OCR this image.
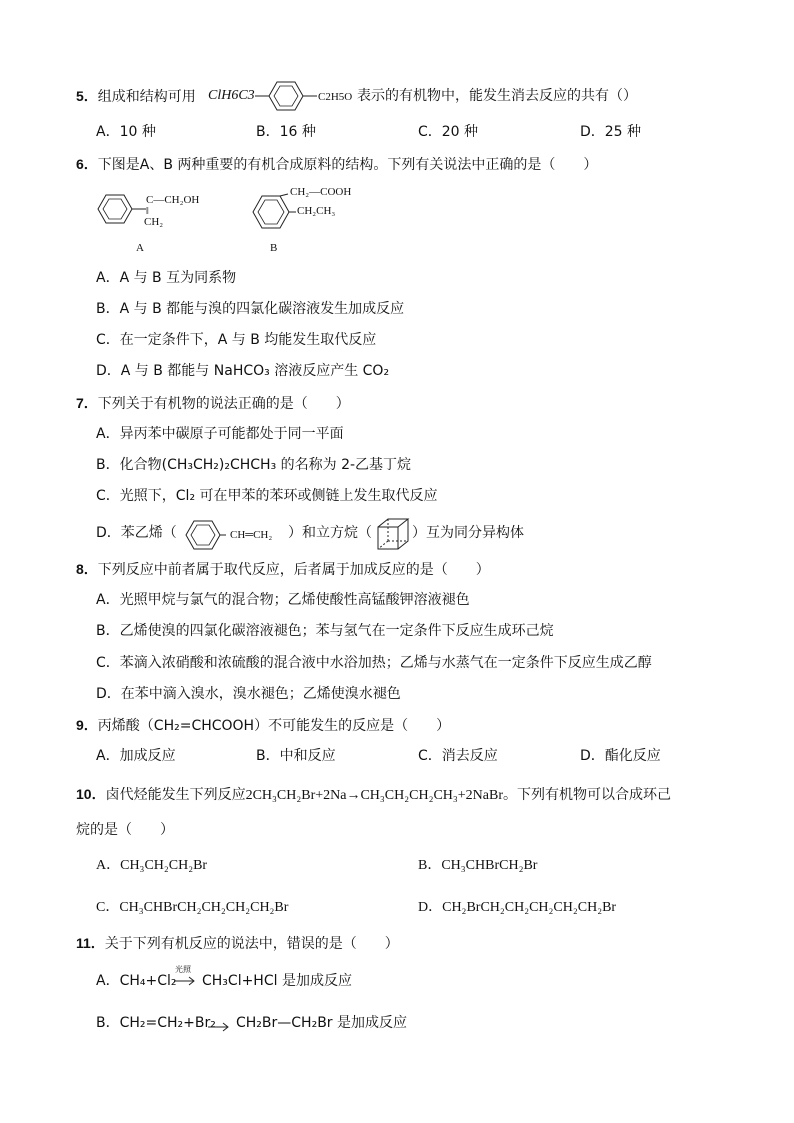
5．组成和结构可用 ClH6C3	C2H5O 表示的有机物中，能发生消去反应的共有（）
A．10 种	B．16 种	C．20 种	D．25 种
6．下图是A、B 两种重要的有机合成原料的结构。下列有关说法中正确的是（　　）
C—CH₂OH
‖
CH₂
A
CH₂—COOH
CH₂CH₃
B
A．A 与 B 互为同系物
B．A 与 B 都能与溴的四氯化碳溶液发生加成反应
C．在一定条件下，A 与 B 均能发生取代反应
D．A 与 B 都能与 NaHCO₃ 溶液反应产生 CO₂
7．下列关于有机物的说法正确的是（　　）
A．异丙苯中碳原子可能都处于同一平面
B．化合物(CH₃CH₂)₂CHCH₃ 的名称为 2-乙基丁烷
C．光照下，Cl₂ 可在甲苯的苯环或侧链上发生取代反应
D．苯乙烯（	CH═CH₂ ）和立方烷（	）互为同分异构体
8．下列反应中前者属于取代反应，后者属于加成反应的是（　　）
A．光照甲烷与氯气的混合物；乙烯使酸性高锰酸钾溶液褪色
B．乙烯使溴的四氯化碳溶液褪色；苯与氢气在一定条件下反应生成环己烷
C．苯滴入浓硝酸和浓硫酸的混合液中水浴加热；乙烯与水蒸气在一定条件下反应生成乙醇
D．在苯中滴入溴水，溴水褪色；乙烯使溴水褪色
9．丙烯酸（CH₂=CHCOOH）不可能发生的反应是（　　）
A．加成反应	B．中和反应	C．消去反应	D．酯化反应
10．卤代烃能发生下列反应2CH₃CH₂Br+2Na→CH₃CH₂CH₂CH₃+2NaBr。下列有机物可以合成环己
烷的是（　　）
A．CH₃CH₂CH₂Br	B．CH₃CHBrCH₂Br
C．CH₃CHBrCH₂CH₂CH₂CH₂Br	D．CH₂BrCH₂CH₂CH₂CH₂CH₂Br
11．关于下列有机反应的说法中，错误的是（　　）
A．CH₄+Cl₂
光照
CH₃Cl+HCl 是加成反应
B．CH₂=CH₂+Br₂ CH₂Br—CH₂Br 是加成反应
